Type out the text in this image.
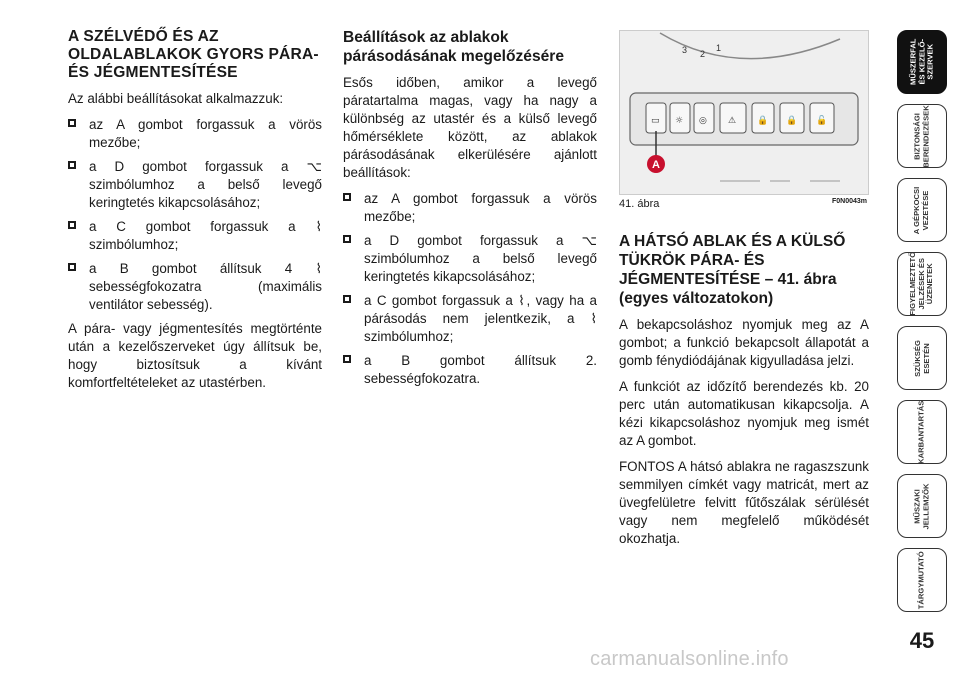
A SZÉLVÉDŐ ÉS AZ OLDALABLAKOK GYORS PÁRA- ÉS JÉGMENTESÍTÉSE

Az alábbi beállításokat alkalmazzuk:

az A gombot forgassuk a vörös mezőbe;
a D gombot forgassuk a ⌥ szimbólumhoz a belső levegő keringtetés kikapcsolásához;
a C gombot forgassuk a ⌇ szimbólumhoz;
a B gombot állítsuk 4 ⌇ sebességfokozatra (maximális ventilátor sebesség).

A pára- vagy jégmentesítés megtörténte után a kezelőszerveket úgy állítsuk be, hogy biztosítsuk a kívánt komfortfeltételeket az utastérben.

Beállítások az ablakok párásodásának megelőzésére

Esős időben, amikor a levegő páratartalma magas, vagy ha nagy a különbség az utastér és a külső levegő hőmérséklete között, az ablakok párásodásának elkerülésére ajánlott beállítások:

az A gombot forgassuk a vörös mezőbe;
a D gombot forgassuk a ⌥ szimbólumhoz a belső levegő keringtetés kikapcsolásához;
a C gombot forgassuk a ⌇, vagy ha a párásodás nem jelentkezik, a ⌇ szimbólumhoz;
a B gombot állítsuk 2. sebességfokozatra.
3 2
1
▭ ☼ ◎ ⚠ 🔒 🔒 🔓
A
41. ábra	F0N0043m
A HÁTSÓ ABLAK ÉS A KÜLSŐ TÜKRÖK PÁRA- ÉS JÉGMENTESÍTÉSE – 41. ábra (egyes változatokon)

A bekapcsoláshoz nyomjuk meg az A gombot; a funkció bekapcsolt állapotát a gomb fénydiódájának kigyulladása jelzi.

A funkciót az időzítő berendezés kb. 20 perc után automatikusan kikapcsolja. A kézi kikapcsoláshoz nyomjuk meg ismét az A gombot.

FONTOS A hátsó ablakra ne ragaszszunk semmilyen címkét vagy matricát, mert az üvegfelületre felvitt fűtőszálak sérülését vagy nem megfelelő működését okozhatja.

MŰSZERFAL
ÉS KEZELŐ-
SZERVEK
BIZTONSÁGI
BERENDEZÉSEK
A GÉPKOCSI
VEZETÉSE
FIGYELMEZTETŐ
JELZÉSEK ÉS
ÜZENETEK
SZÜKSÉG
ESETÉN
KARBANTARTÁS
MŰSZAKI
JELLEMZŐK
TÁRGYMUTATÓ
45
carmanualsonline.info
